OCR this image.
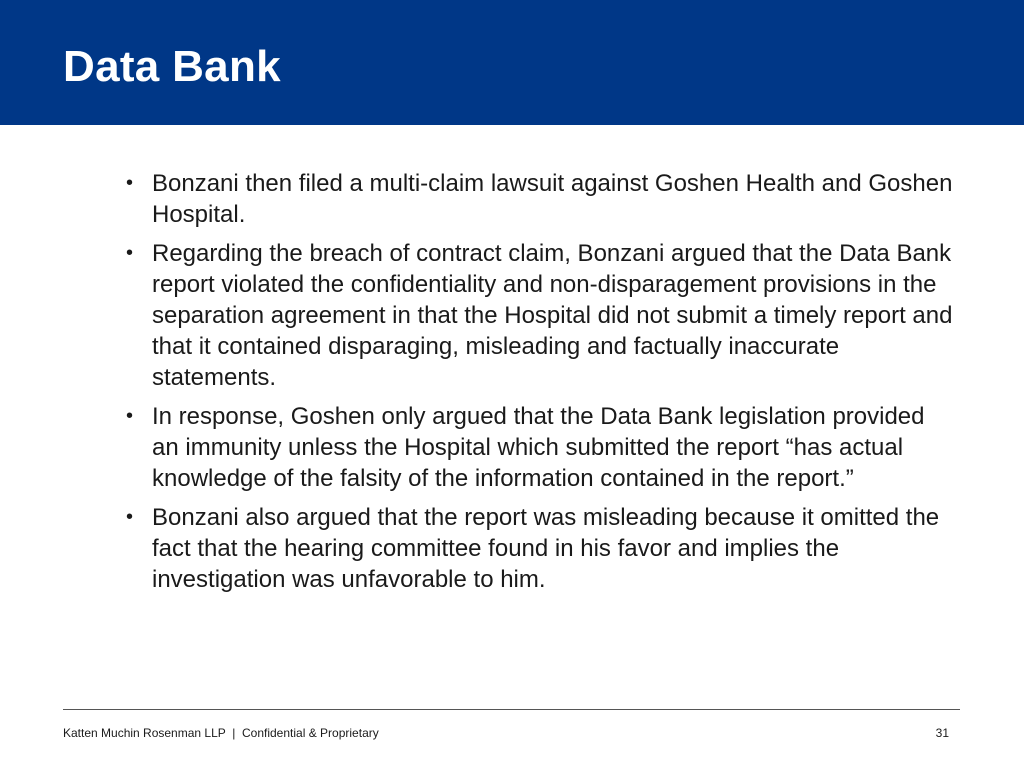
Data Bank
• Bonzani then filed a multi-claim lawsuit against Goshen Health and Goshen Hospital.
• Regarding the breach of contract claim, Bonzani argued that the Data Bank report violated the confidentiality and non-disparagement provisions in the separation agreement in that the Hospital did not submit a timely report and that it contained disparaging, misleading and factually inaccurate statements.
• In response, Goshen only argued that the Data Bank legislation provided an immunity unless the Hospital which submitted the report “has actual knowledge of the falsity of the information contained in the report.”
• Bonzani also argued that the report was misleading because it omitted the fact that the hearing committee found in his favor and implies the investigation was unfavorable to him.
Katten Muchin Rosenman LLP  |  Confidential & Proprietary	31
